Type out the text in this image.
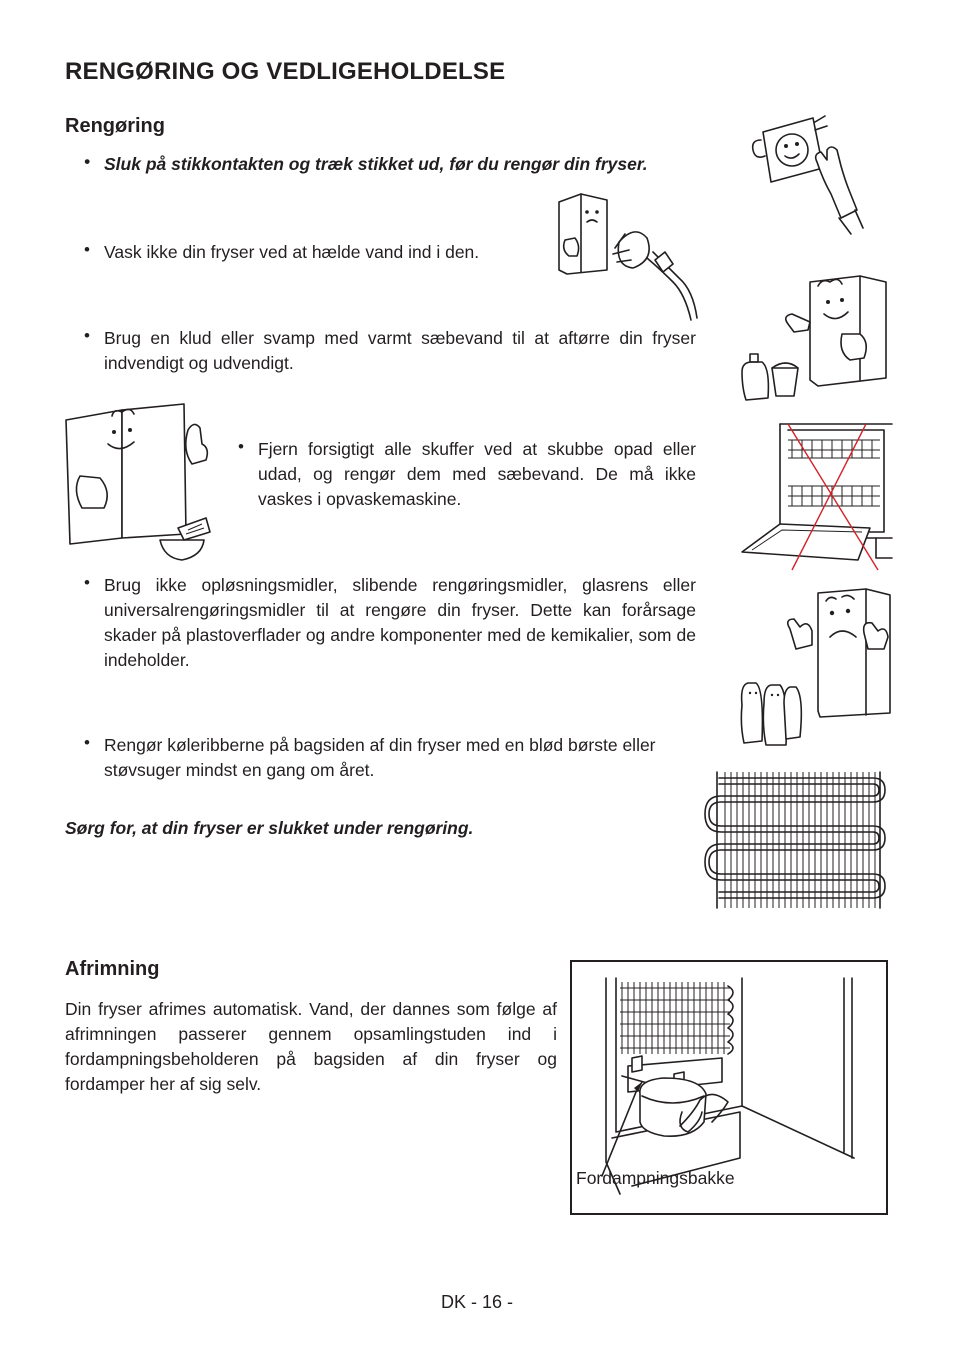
RENGØRING OG VEDLIGEHOLDELSE
Rengøring
• Sluk på stikkontakten og træk stikket ud, før du rengør din fryser.
• Vask ikke din fryser ved at hælde vand ind i den.
• Brug en klud eller svamp med varmt sæbevand til at aftørre din fryser indvendigt og udvendigt.
• Fjern forsigtigt alle skuffer ved at skubbe opad eller udad, og rengør dem med sæbevand. De må ikke vaskes i opvaskemaskine.
• Brug ikke opløsningsmidler, slibende rengøringsmidler, glasrens eller universalrengøringsmidler til at rengøre din fryser. Dette kan forårsage skader på plastoverflader og andre komponenter med de kemikalier, som de indeholder.
• Rengør køleribberne på bagsiden af din fryser med en blød børste eller støvsuger mindst en gang om året.
Sørg for, at din fryser er slukket under rengøring.
Afrimning
Din fryser afrimes automatisk. Vand, der dannes som følge af afrimningen passerer gennem opsamlingstuden ind i fordampningsbeholderen på bagsiden af din fryser og fordamper her af sig selv.
Fordampningsbakke
DK - 16 -
